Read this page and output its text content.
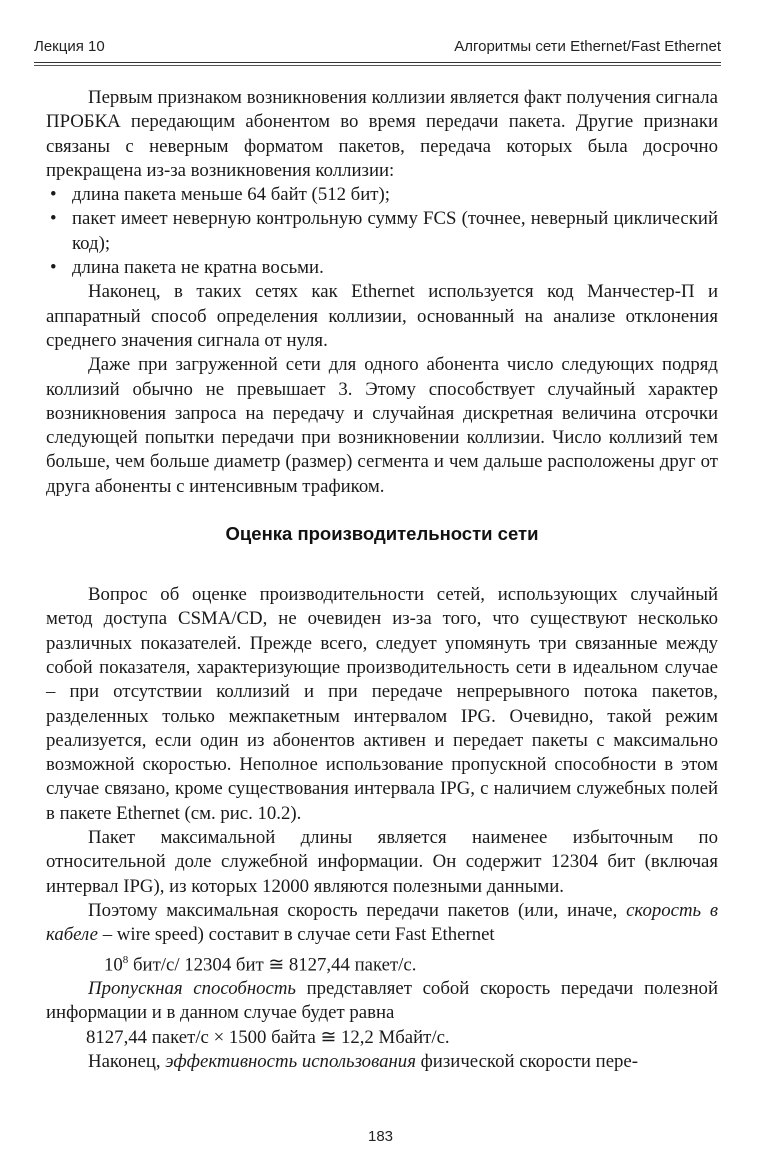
Лекция 10	Алгоритмы сети Ethernet/Fast Ethernet

Первым признаком возникновения коллизии является факт получения сигнала ПРОБКА передающим абонентом во время передачи пакета. Другие признаки связаны с неверным форматом пакетов, передача которых была досрочно прекращена из-за возникновения коллизии:

• длина пакета меньше 64 байт (512 бит);
• пакет имеет неверную контрольную сумму FCS (точнее, неверный циклический код);
• длина пакета не кратна восьми.

Наконец, в таких сетях как Ethernet используется код Манчестер-П и аппаратный способ определения коллизии, основанный на анализе отклонения среднего значения сигнала от нуля.

Даже при загруженной сети для одного абонента число следующих подряд коллизий обычно не превышает 3. Этому способствует случайный характер возникновения запроса на передачу и случайная дискретная величина отсрочки следующей попытки передачи при возникновении коллизии. Число коллизий тем больше, чем больше диаметр (размер) сегмента и чем дальше расположены друг от друга абоненты с интенсивным трафиком.

Оценка производительности сети

Вопрос об оценке производительности сетей, использующих случайный метод доступа CSMA/CD, не очевиден из-за того, что существуют несколько различных показателей. Прежде всего, следует упомянуть три связанные между собой показателя, характеризующие производительность сети в идеальном случае – при отсутствии коллизий и при передаче непрерывного потока пакетов, разделенных только межпакетным интервалом IPG. Очевидно, такой режим реализуется, если один из абонентов активен и передает пакеты с максимально возможной скоростью. Неполное использование пропускной способности в этом случае связано, кроме существования интервала IPG, с наличием служебных полей в пакете Ethernet (см. рис. 10.2).

Пакет максимальной длины является наименее избыточным по относительной доле служебной информации. Он содержит 12304 бит (включая интервал IPG), из которых 12000 являются полезными данными.

Поэтому максимальная скорость передачи пакетов (или, иначе, скорость в кабеле – wire speed) составит в случае сети Fast Ethernet

$10^8$ бит/с/ 12304 бит ≅ 8127,44 пакет/с.

Пропускная способность представляет собой скорость передачи полезной информации и в данном случае будет равна

8127,44 пакет/с × 1500 байта ≅ 12,2 Мбайт/с.

Наконец, эффективность использования физической скорости пере-

183
